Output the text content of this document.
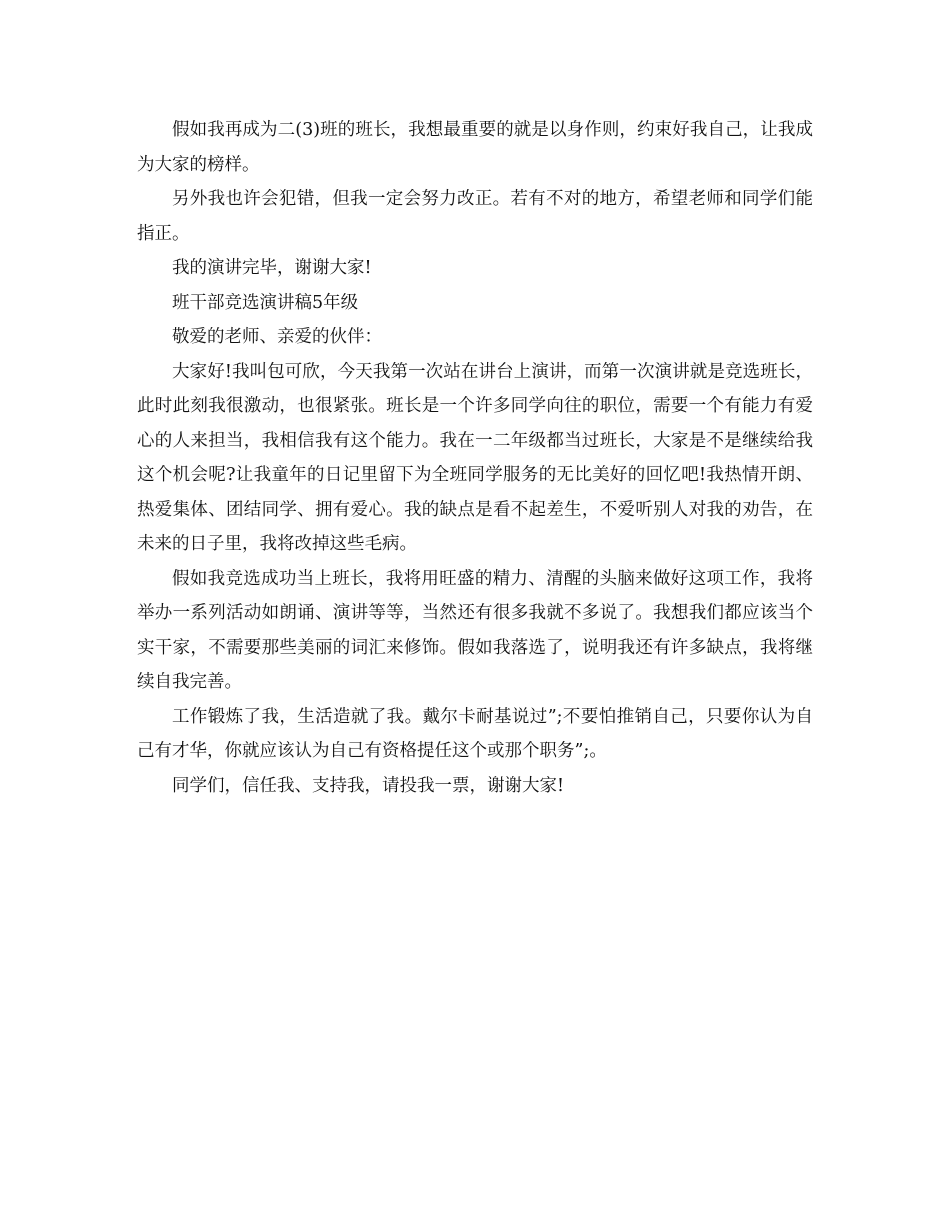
假如我再成为二(3)班的班长，我想最重要的就是以身作则，约束好我自己，让我成为大家的榜样。

另外我也许会犯错，但我一定会努力改正。若有不对的地方，希望老师和同学们能指正。

我的演讲完毕，谢谢大家!

班干部竞选演讲稿5年级

敬爱的老师、亲爱的伙伴：

大家好!我叫包可欣，今天我第一次站在讲台上演讲，而第一次演讲就是竞选班长，此时此刻我很激动，也很紧张。班长是一个许多同学向往的职位，需要一个有能力有爱心的人来担当，我相信我有这个能力。我在一二年级都当过班长，大家是不是继续给我这个机会呢?让我童年的日记里留下为全班同学服务的无比美好的回忆吧!我热情开朗、热爱集体、团结同学、拥有爱心。我的缺点是看不起差生，不爱听别人对我的劝告，在未来的日子里，我将改掉这些毛病。

假如我竞选成功当上班长，我将用旺盛的精力、清醒的头脑来做好这项工作，我将举办一系列活动如朗诵、演讲等等，当然还有很多我就不多说了。我想我们都应该当个实干家，不需要那些美丽的词汇来修饰。假如我落选了，说明我还有许多缺点，我将继续自我完善。

工作锻炼了我，生活造就了我。戴尔卡耐基说过”;不要怕推销自己，只要你认为自己有才华，你就应该认为自己有资格提任这个或那个职务”;。

同学们，信任我、支持我，请投我一票，谢谢大家!
